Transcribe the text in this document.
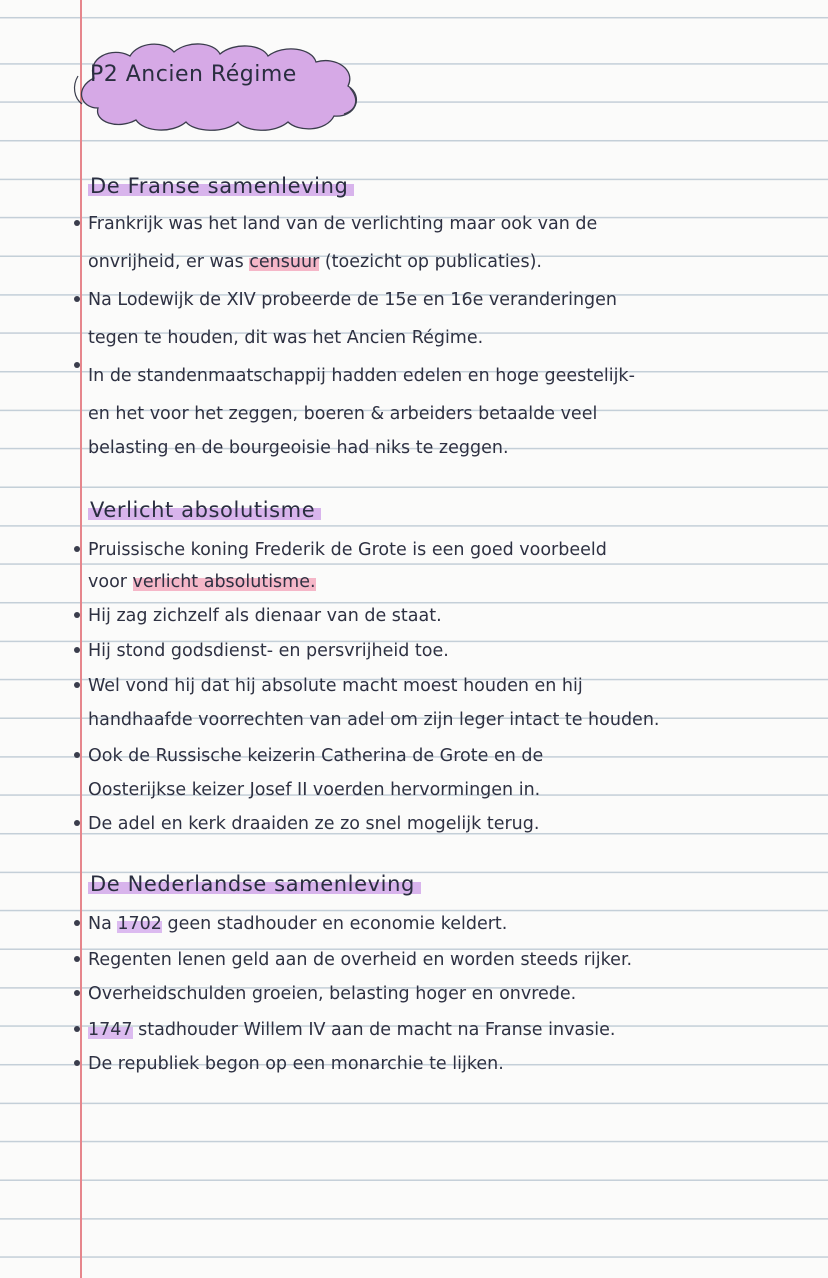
P2 Ancien Régime
De Franse samenleving
Frankrijk was het land van de verlichting maar ook van de
onvrijheid, er was censuur (toezicht op publicaties).
Na Lodewijk de XIV probeerde de 15e en 16e veranderingen
tegen te houden, dit was het Ancien Régime.
In de standenmaatschappij hadden edelen en hoge geestelijk-
en het voor het zeggen, boeren & arbeiders betaalde veel
belasting en de bourgeoisie had niks te zeggen.
Verlicht absolutisme
Pruissische koning Frederik de Grote is een goed voorbeeld
voor verlicht absolutisme.
Hij zag zichzelf als dienaar van de staat.
Hij stond godsdienst- en persvrijheid toe.
Wel vond hij dat hij absolute macht moest houden en hij
handhaafde voorrechten van adel om zijn leger intact te houden.
Ook de Russische keizerin Catherina de Grote en de
Oosterijkse keizer Josef II voerden hervormingen in.
De adel en kerk draaiden ze zo snel mogelijk terug.
De Nederlandse samenleving
Na 1702 geen stadhouder en economie keldert.
Regenten lenen geld aan de overheid en worden steeds rijker.
Overheidschulden groeien, belasting hoger en onvrede.
1747 stadhouder Willem IV aan de macht na Franse invasie.
De republiek begon op een monarchie te lijken.
